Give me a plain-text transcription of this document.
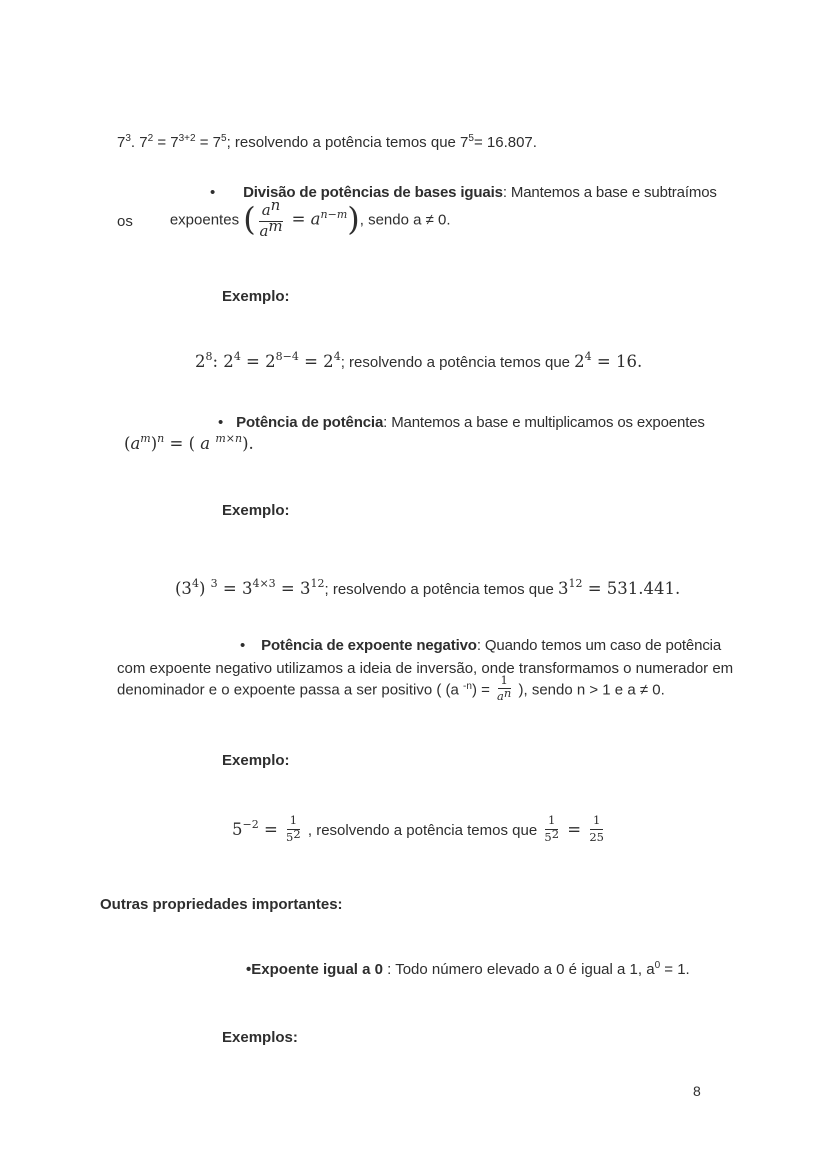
$7^3$. $7^2 = 7^{3+2} = 7^5$; resolvendo a potência temos que $7^5= 16.807$.
• Divisão de potências de bases iguais: Mantemos a base e subtraímos
os expoentes ( $\frac{a^n}{a^m} = a^{n-m}$), sendo a ≠ 0.
Exemplo:
$2^8$: $2^4 = 2^{8-4} = 2^4$; resolvendo a potência temos que $2^4 = 16$.
• Potência de potência: Mantemos a base e multiplicamos os expoentes
$(a^m)^n$ = ( a $^{m\times n}$).
Exemplo:
$(3^4) ^3 = 3^{4\times 3} = 3^{12}$; resolvendo a potência temos que $3^{12} = 531.441$.
• Potência de expoente negativo: Quando temos um caso de potência
com expoente negativo utilizamos a ideia de inversão, onde transformamos o numerador em
denominador e o expoente passa a ser positivo ( (a $^{-n}) = \frac{1}{a^n}$ ), sendo n > 1 e a ≠ 0.
Exemplo:
$5^{-2} = \frac{1}{5^2}$ , resolvendo a potência temos que $\frac{1}{5^2} = \frac{1}{25}$
Outras propriedades importantes:
•Expoente igual a 0 : Todo número elevado a 0 é igual a 1, $a^0 = 1$.
Exemplos:
8
